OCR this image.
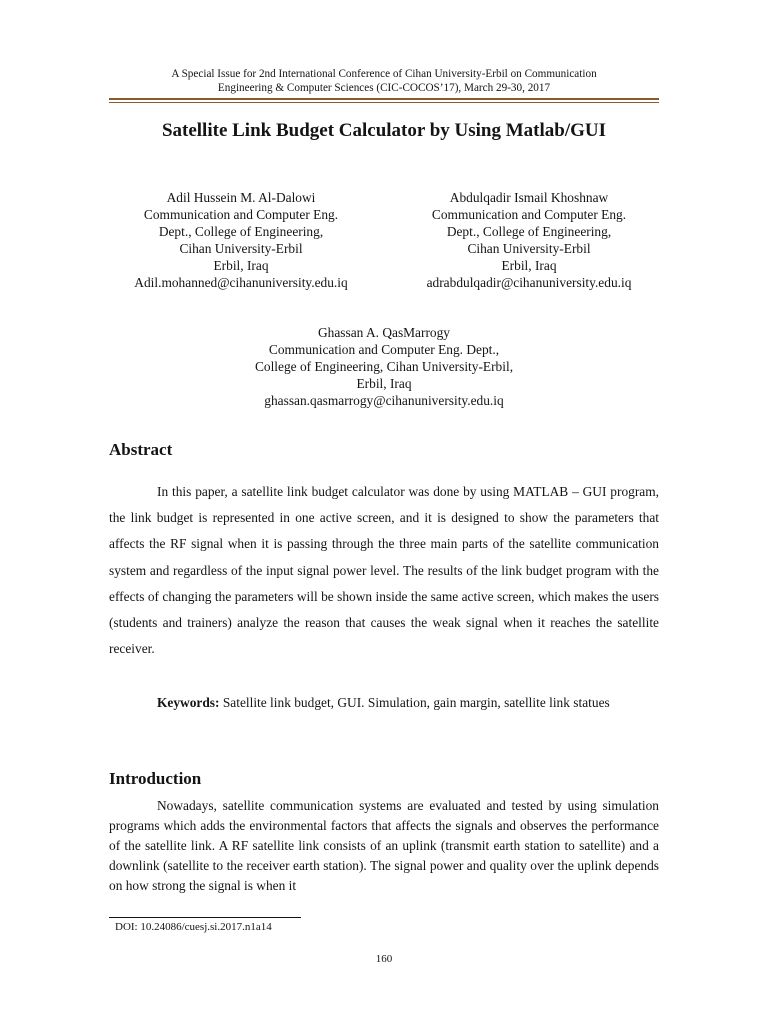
A Special Issue for 2nd International Conference of Cihan University-Erbil on Communication
Engineering & Computer Sciences (CIC-COCOS’17), March 29-30, 2017
Satellite Link Budget Calculator by Using Matlab/GUI
Adil Hussein M. Al-Dalowi
Communication and Computer Eng.
Dept., College of Engineering,
Cihan University-Erbil
Erbil, Iraq
Adil.mohanned@cihanuniversity.edu.iq
Abdulqadir Ismail Khoshnaw
Communication and Computer Eng.
Dept., College of Engineering,
Cihan University-Erbil
Erbil, Iraq
adrabdulqadir@cihanuniversity.edu.iq
Ghassan A. QasMarrogy
Communication and Computer Eng. Dept.,
College of Engineering, Cihan University-Erbil,
Erbil, Iraq
ghassan.qasmarrogy@cihanuniversity.edu.iq
Abstract
In this paper, a satellite link budget calculator was done by using MATLAB – GUI program, the link budget is represented in one active screen, and it is designed to show the parameters that affects the RF signal when it is passing through the three main parts of the satellite communication system and regardless of the input signal power level. The results of the link budget program with the effects of changing the parameters will be shown inside the same active screen, which makes the users (students and trainers) analyze the reason that causes the weak signal when it reaches the satellite receiver.
Keywords: Satellite link budget, GUI. Simulation, gain margin, satellite link statues
Introduction
Nowadays, satellite communication systems are evaluated and tested by using simulation programs which adds the environmental factors that affects the signals and observes the performance of the satellite link. A RF satellite link consists of an uplink (transmit earth station to satellite) and a downlink (satellite to the receiver earth station). The signal power and quality over the uplink depends on how strong the signal is when it
DOI: 10.24086/cuesj.si.2017.n1a14
160
